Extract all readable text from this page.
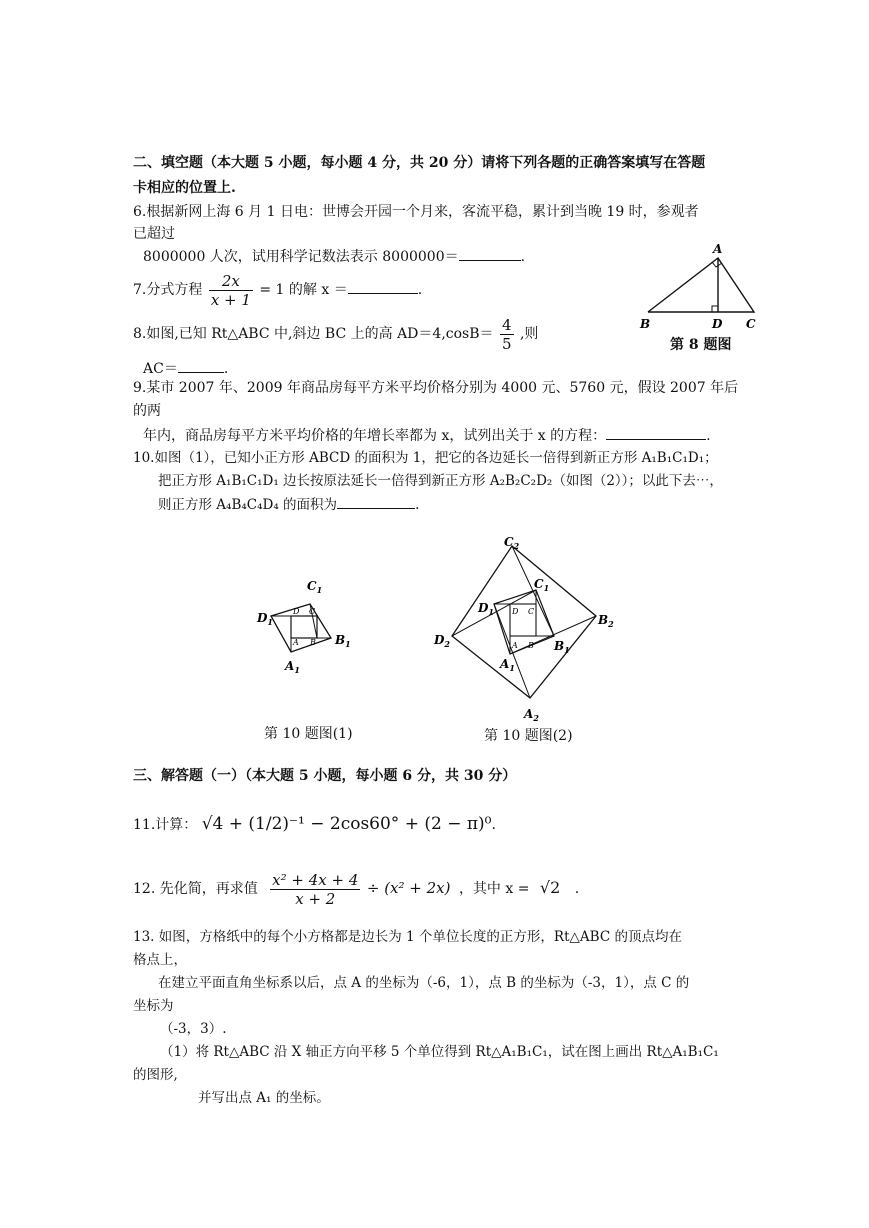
二、填空题（本大题 5 小题，每小题 4 分，共 20 分）请将下列各题的正确答案填写在答题
卡相应的位置上.
6.根据新网上海 6 月 1 日电：世博会开园一个月来，客流平稳，累计到当晚 19 时，参观者
已超过
8000000 人次，试用科学记数法表示 8000000＝	.
7.分式方程 $\frac{2x}{x + 1} = 1$ 的解 x ＝	.
8.如图,已知 Rt△ABC 中,斜边 BC 上的高 $AD=4,\cos B= \frac{4}{5}$ ,则
AC＝	.
A
B	D C
第 8 题图
9.某市 2007 年、2009 年商品房每平方米平均价格分别为 4000 元、5760 元，假设 2007 年后
的两
年内，商品房每平方米平均价格的年增长率都为 x，试列出关于 x 的方程：	.
10.如图（1），已知小正方形 ABCD 的面积为 1，把它的各边延长一倍得到新正方形 A₁B₁C₁D₁；
把正方形 A₁B₁C₁D₁ 边长按原法延长一倍得到新正方形 A₂B₂C₂D₂（如图（2））；以此下去⋯，
则正方形 A₄B₄C₄D₄ 的面积为	.
$C_1$
$D_1$
$B_1$
$A_1$
D C
A B
第 10 题图(1)
$C_2$
$B_2$
$D_2$
$A_2$
$C_1$
$D_1$
$B_1$
$A_1$
D C
A B
第 10 题图(2)
三、解答题（一）（本大题 5 小题，每小题 6 分，共 30 分）
11.计算： √4 + (1/2)⁻¹ − 2cos60° + (2 − π)⁰.
12. 先化简，再求值 $\frac{\text{x² + 4x + 4}}{x + 2} \div (x^2 + 2x)$ ，其中 x = √2 .
13. 如图，方格纸中的每个小方格都是边长为 1 个单位长度的正方形，Rt△ABC 的顶点均在
格点上，
在建立平面直角坐标系以后，点 A 的坐标为（-6，1），点 B 的坐标为（-3，1），点 C 的
坐标为
（-3，3）.
（1）将 Rt△ABC 沿 X 轴正方向平移 5 个单位得到 Rt△A₁B₁C₁，试在图上画出 Rt△A₁B₁C₁
的图形,
并写出点 A₁ 的坐标。
